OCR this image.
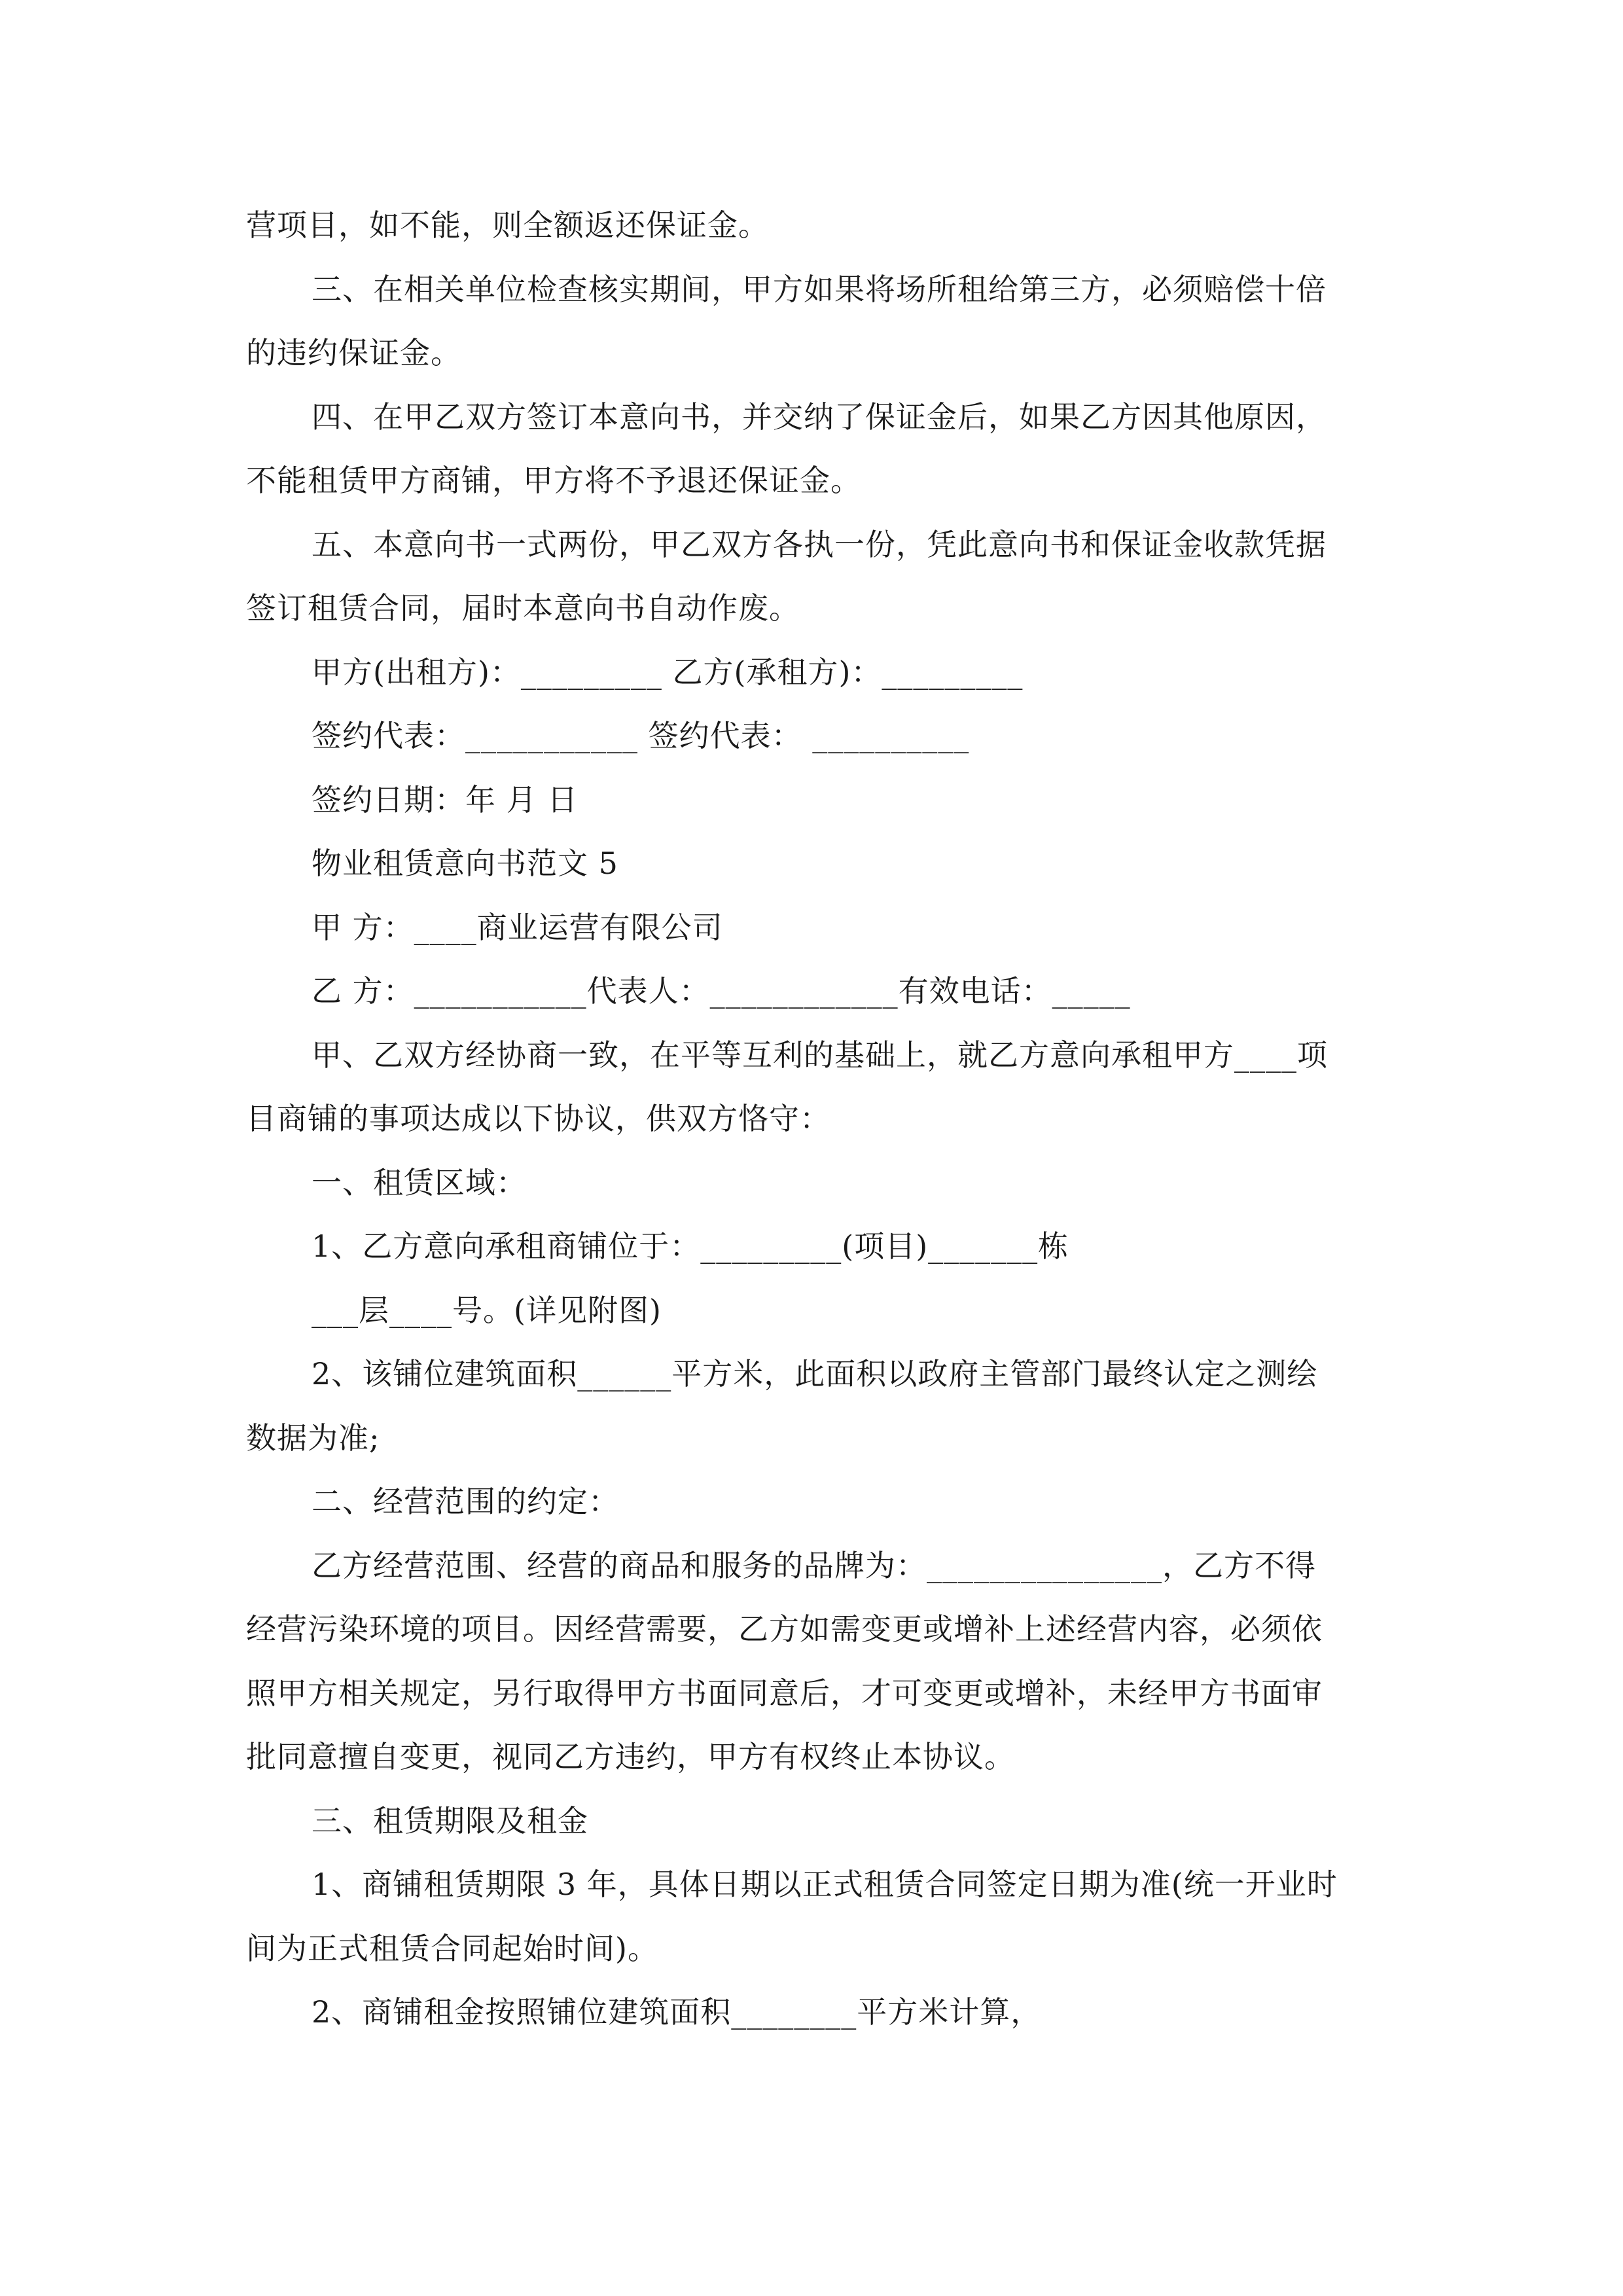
营项目，如不能，则全额返还保证金。
三、在相关单位检查核实期间，甲方如果将场所租给第三方，必须赔偿十倍
的违约保证金。
四、在甲乙双方签订本意向书，并交纳了保证金后，如果乙方因其他原因，
不能租赁甲方商铺，甲方将不予退还保证金。
五、本意向书一式两份，甲乙双方各执一份，凭此意向书和保证金收款凭据
签订租赁合同，届时本意向书自动作废。
甲方(出租方)：_________ 乙方(承租方)：_________
签约代表：___________ 签约代表： __________
签约日期：年 月 日
物业租赁意向书范文 5
甲 方：____商业运营有限公司
乙 方：___________代表人：____________有效电话：_____
甲、乙双方经协商一致，在平等互利的基础上，就乙方意向承租甲方____项
目商铺的事项达成以下协议，供双方恪守：
一、租赁区域：
1、乙方意向承租商铺位于：_________(项目)_______栋
___层____号。(详见附图)
2、该铺位建筑面积______平方米，此面积以政府主管部门最终认定之测绘
数据为准;
二、经营范围的约定：
乙方经营范围、经营的商品和服务的品牌为：_______________，乙方不得
经营污染环境的项目。因经营需要，乙方如需变更或增补上述经营内容，必须依
照甲方相关规定，另行取得甲方书面同意后，才可变更或增补，未经甲方书面审
批同意擅自变更，视同乙方违约，甲方有权终止本协议。
三、租赁期限及租金
1、商铺租赁期限 3 年，具体日期以正式租赁合同签定日期为准(统一开业时
间为正式租赁合同起始时间)。
2、商铺租金按照铺位建筑面积________平方米计算，
